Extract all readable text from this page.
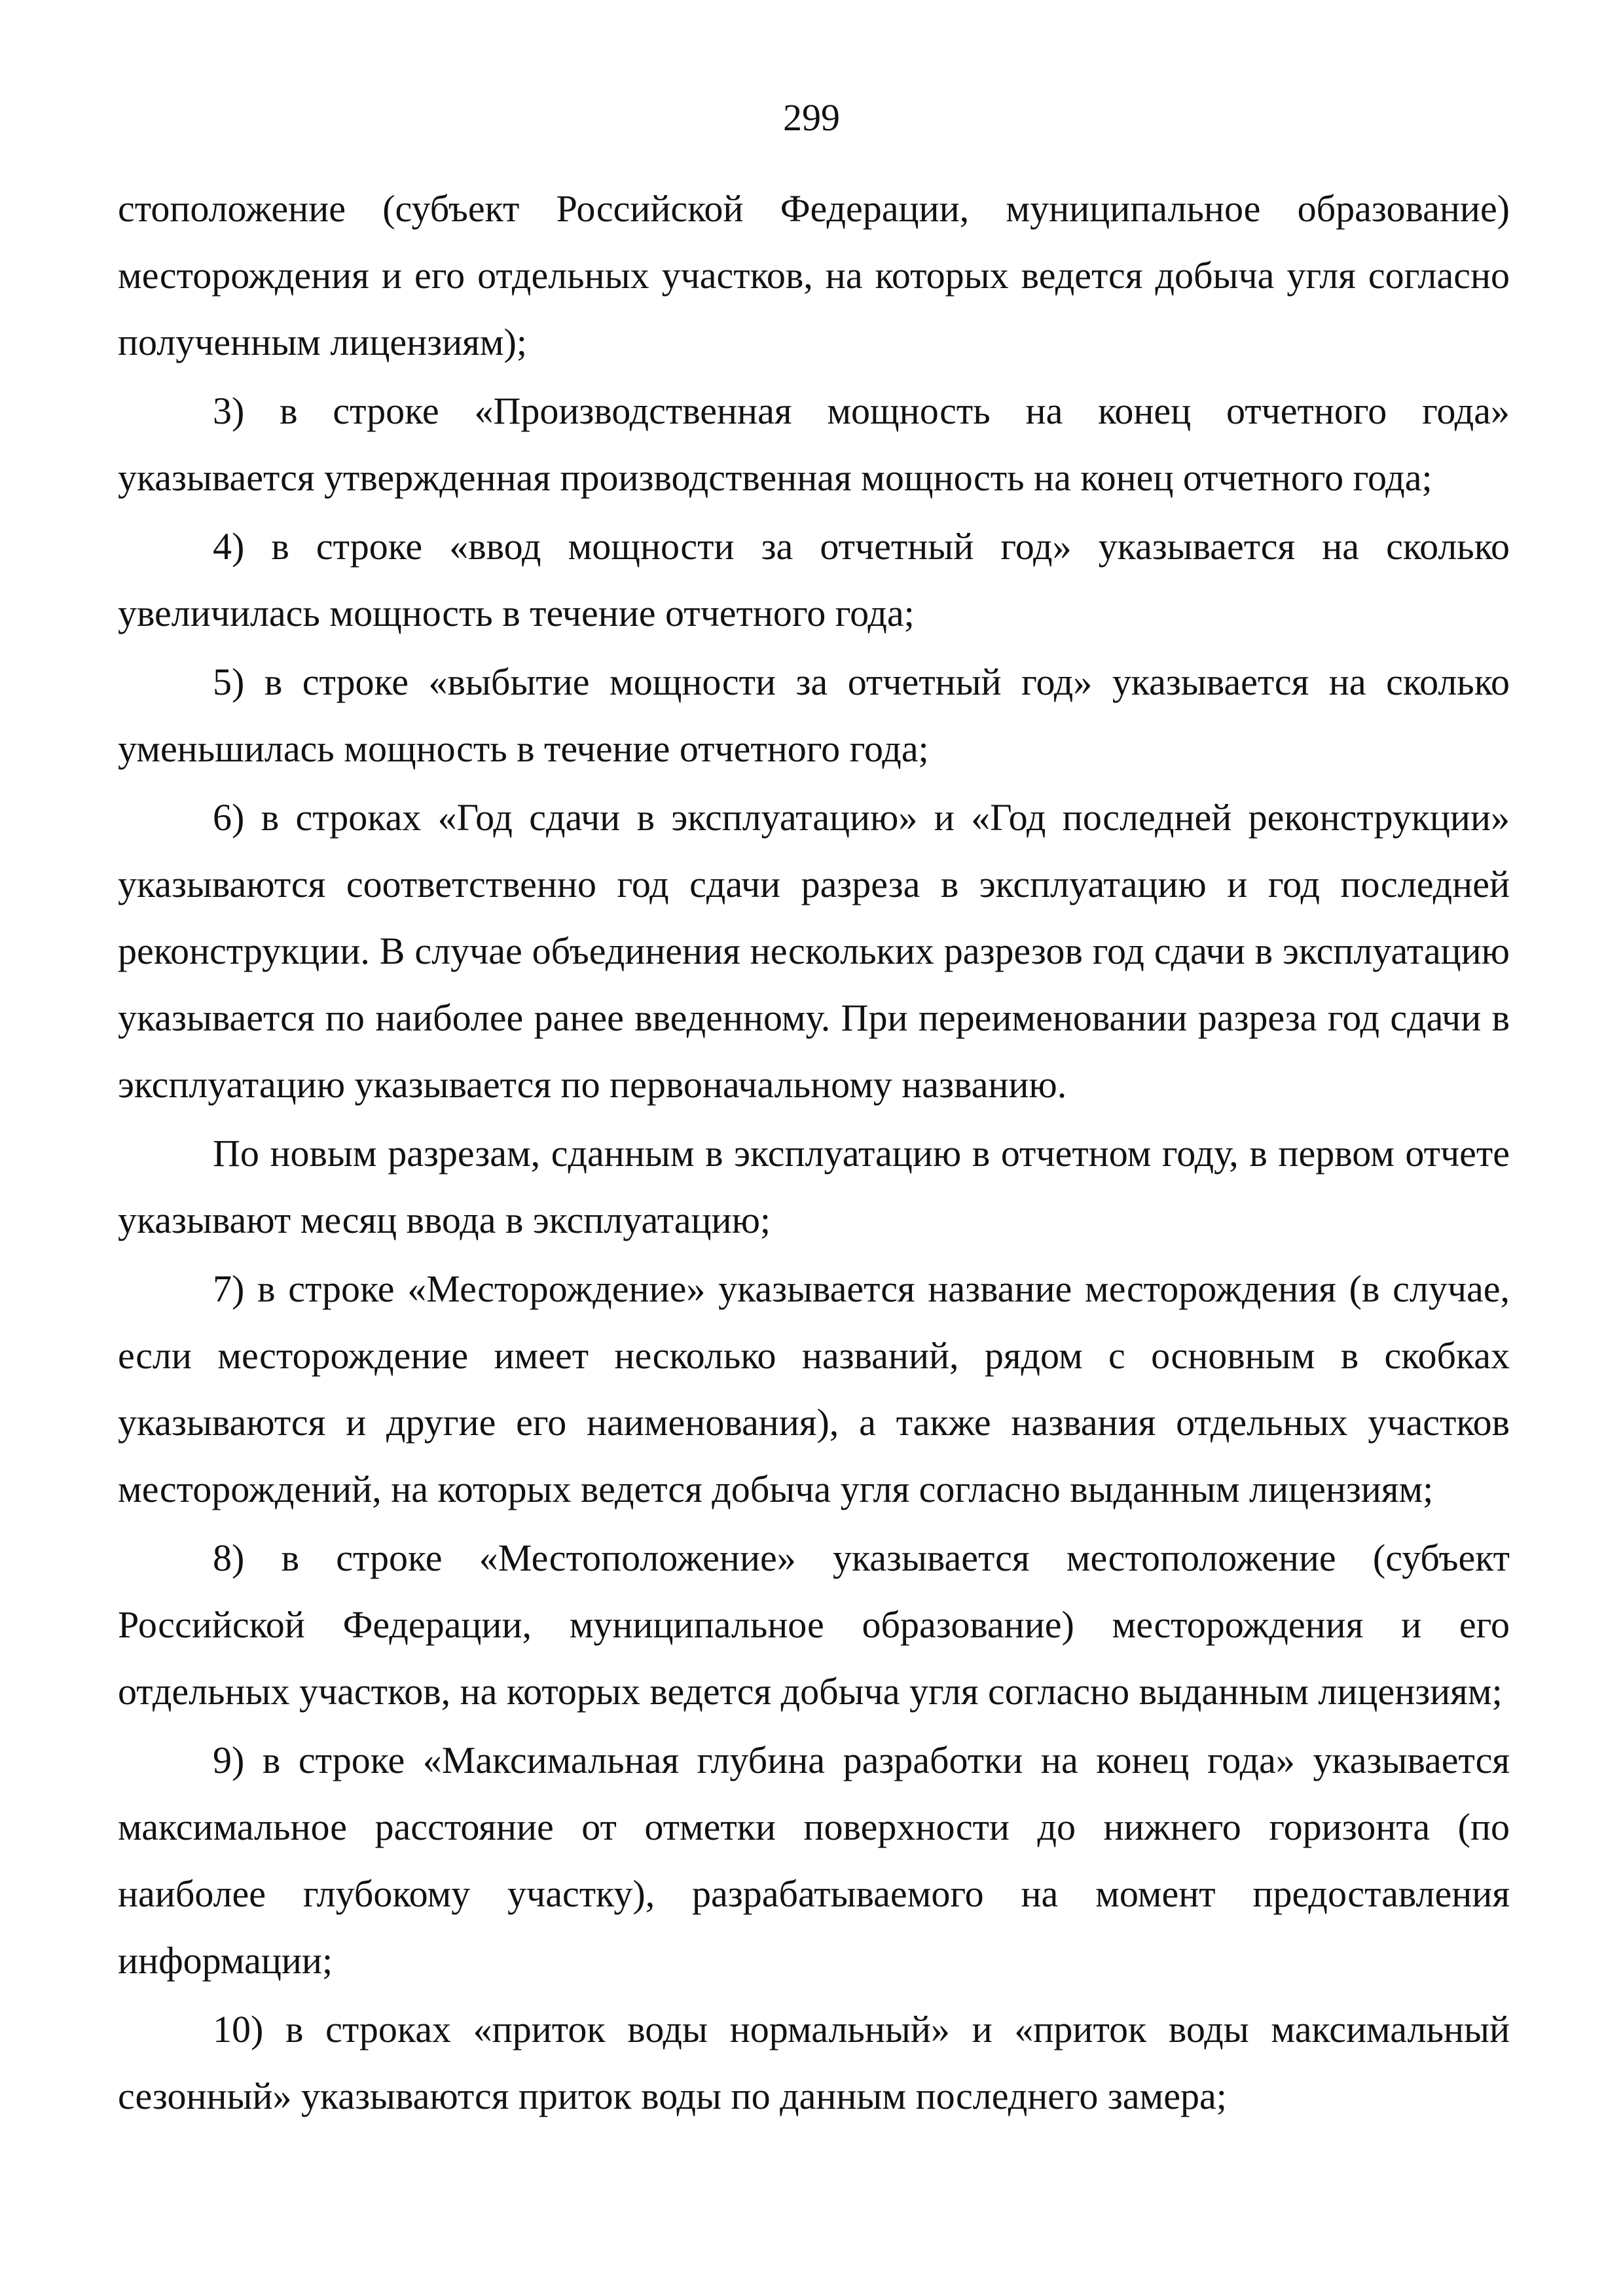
299

стоположение (субъект Российской Федерации, муниципальное образование) месторождения и его отдельных участков, на которых ведется добыча угля согласно полученным лицензиям);

3) в строке «Производственная мощность на конец отчетного года» указывается утвержденная производственная мощность на конец отчетного года;

4) в строке «ввод мощности за отчетный год» указывается на сколько увеличилась мощность в течение отчетного года;

5) в строке «выбытие мощности за отчетный год» указывается на сколько уменьшилась мощность в течение отчетного года;

6) в строках «Год сдачи в эксплуатацию» и «Год последней реконструкции» указываются соответственно год сдачи разреза в эксплуатацию и год последней реконструкции. В случае объединения нескольких разрезов год сдачи в эксплуатацию указывается по наиболее ранее введенному. При переименовании разреза год сдачи в эксплуатацию указывается по первоначальному названию.

По новым разрезам, сданным в эксплуатацию в отчетном году, в первом отчете указывают месяц ввода в эксплуатацию;

7) в строке «Месторождение» указывается название месторождения (в случае, если месторождение имеет несколько названий, рядом с основным в скобках указываются и другие его наименования), а также названия отдельных участков месторождений, на которых ведется добыча угля согласно выданным лицензиям;

8) в строке «Местоположение» указывается местоположение (субъект Российской Федерации, муниципальное образование) месторождения и его отдельных участков, на которых ведется добыча угля согласно выданным лицензиям;

9) в строке «Максимальная глубина разработки на конец года» указывается максимальное расстояние от отметки поверхности до нижнего горизонта (по наиболее глубокому участку), разрабатываемого на момент предоставления информации;

10) в строках «приток воды нормальный» и «приток воды максимальный сезонный» указываются приток воды по данным последнего замера;
